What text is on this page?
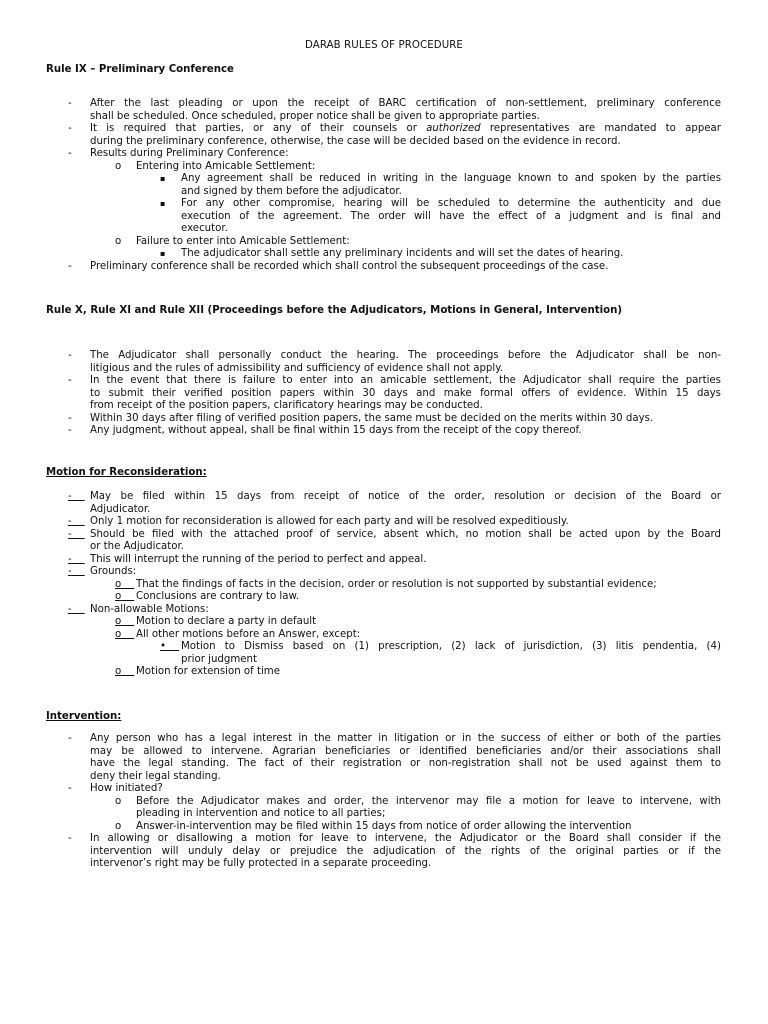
DARAB RULES OF PROCEDURE
Rule IX – Preliminary Conference
- After the last pleading or upon the receipt of BARC certification of non-settlement, preliminary conference
shall be scheduled. Once scheduled, proper notice shall be given to appropriate parties.
- It is required that parties, or any of their counsels or authorized representatives are mandated to appear
during the preliminary conference, otherwise, the case will be decided based on the evidence in record.
- Results during Preliminary Conference:
o Entering into Amicable Settlement:
▪ Any agreement shall be reduced in writing in the language known to and spoken by the parties
and signed by them before the adjudicator.
▪ For any other compromise, hearing will be scheduled to determine the authenticity and due
execution of the agreement. The order will have the effect of a judgment and is final and
executor.
o Failure to enter into Amicable Settlement:
▪ The adjudicator shall settle any preliminary incidents and will set the dates of hearing.
- Preliminary conference shall be recorded which shall control the subsequent proceedings of the case.
Rule X, Rule XI and Rule XII (Proceedings before the Adjudicators, Motions in General, Intervention)
- The Adjudicator shall personally conduct the hearing. The proceedings before the Adjudicator shall be non-
litigious and the rules of admissibility and sufficiency of evidence shall not apply.
- In the event that there is failure to enter into an amicable settlement, the Adjudicator shall require the parties
to submit their verified position papers within 30 days and make formal offers of evidence. Within 15 days
from receipt of the position papers, clarificatory hearings may be conducted.
- Within 30 days after filing of verified position papers, the same must be decided on the merits within 30 days.
- Any judgment, without appeal, shall be final within 15 days from the receipt of the copy thereof.
Motion for Reconsideration:
-	May be filed within 15 days from receipt of notice of the order, resolution or decision of the Board or
Adjudicator.
-	Only 1 motion for reconsideration is allowed for each party and will be resolved expeditiously.
-	Should be filed with the attached proof of service, absent which, no motion shall be acted upon by the Board
or the Adjudicator.
-	This will interrupt the running of the period to perfect and appeal.
-	Grounds:
o	That the findings of facts in the decision, order or resolution is not supported by substantial evidence;
o	Conclusions are contrary to law.
-	Non-allowable Motions:
o	Motion to declare a party in default
o	All other motions before an Answer, except:
•	Motion to Dismiss based on (1) prescription, (2) lack of jurisdiction, (3) litis pendentia, (4)
prior judgment
o	Motion for extension of time
Intervention:
- Any person who has a legal interest in the matter in litigation or in the success of either or both of the parties
may be allowed to intervene. Agrarian beneficiaries or identified beneficiaries and/or their associations shall
have the legal standing. The fact of their registration or non-registration shall not be used against them to
deny their legal standing.
- How initiated?
o Before the Adjudicator makes and order, the intervenor may file a motion for leave to intervene, with
pleading in intervention and notice to all parties;
o Answer-in-intervention may be filed within 15 days from notice of order allowing the intervention
- In allowing or disallowing a motion for leave to intervene, the Adjudicator or the Board shall consider if the
intervention will unduly delay or prejudice the adjudication of the rights of the original parties or if the
intervenor’s right may be fully protected in a separate proceeding.
